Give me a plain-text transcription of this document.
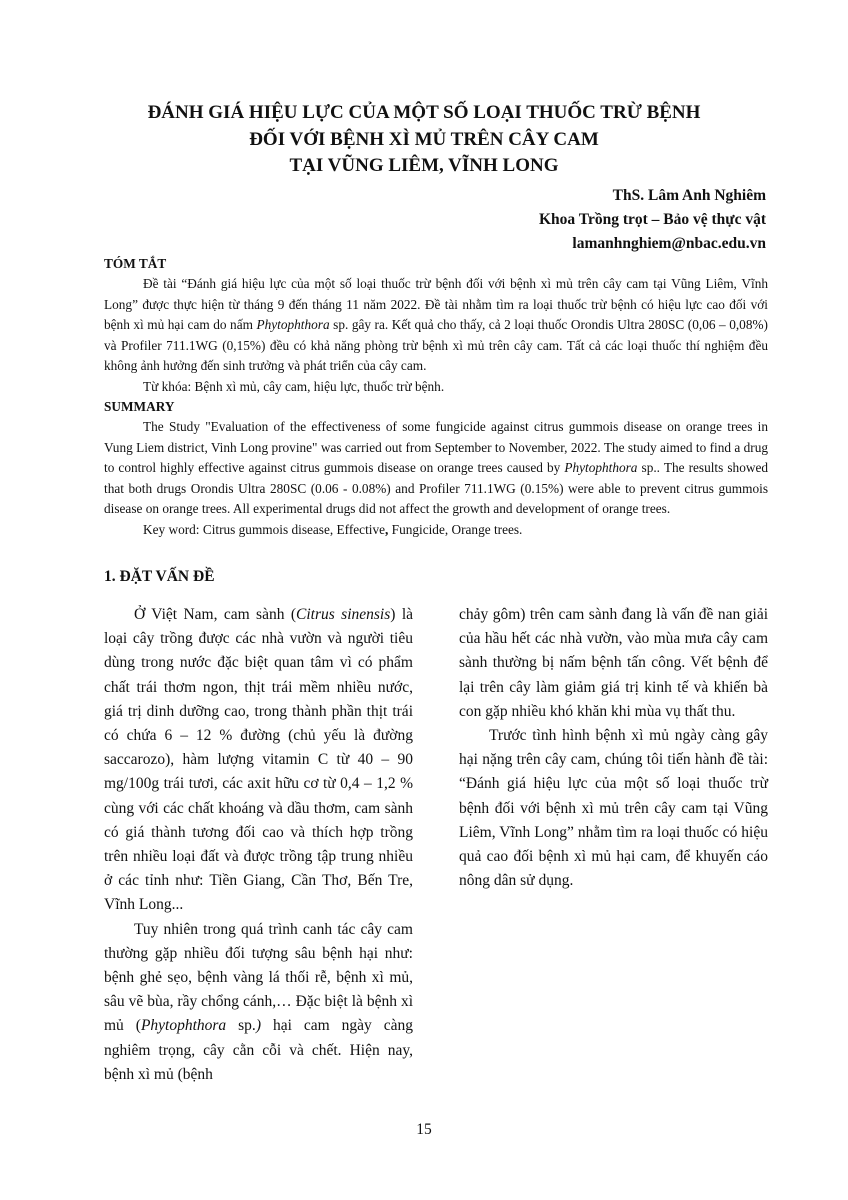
ĐÁNH GIÁ HIỆU LỰC CỦA MỘT SỐ LOẠI THUỐC TRỪ BỆNH
ĐỐI VỚI BỆNH XÌ MỦ TRÊN CÂY CAM
TẠI VŨNG LIÊM, VĨNH LONG
ThS. Lâm Anh Nghiêm
Khoa Trồng trọt – Bảo vệ thực vật
lamanhnghiem@nbac.edu.vn
TÓM TẮT

Đề tài “Đánh giá hiệu lực của một số loại thuốc trừ bệnh đối với bệnh xì mủ trên cây cam tại Vũng Liêm, Vĩnh Long” được thực hiện từ tháng 9 đến tháng 11 năm 2022. Đề tài nhằm tìm ra loại thuốc trừ bệnh có hiệu lực cao đối với bệnh xì mủ hại cam do nấm Phytophthora sp. gây ra. Kết quả cho thấy, cả 2 loại thuốc Orondis Ultra 280SC (0,06 – 0,08%) và Profiler 711.1WG (0,15%) đều có khả năng phòng trừ bệnh xì mủ trên cây cam. Tất cả các loại thuốc thí nghiệm đều không ảnh hưởng đến sinh trưởng và phát triển của cây cam.

Từ khóa: Bệnh xì mủ, cây cam, hiệu lực, thuốc trừ bệnh.

SUMMARY

The Study "Evaluation of the effectiveness of some fungicide against citrus gummois disease on orange trees in Vung Liem district, Vinh Long provine" was carried out from September to November, 2022. The study aimed to find a drug to control highly effective against citrus gummois disease on orange trees caused by Phytophthora sp.. The results showed that both drugs Orondis Ultra 280SC (0.06 - 0.08%) and Profiler 711.1WG (0.15%) were able to prevent citrus gummois disease on orange trees. All experimental drugs did not affect the growth and development of orange trees.

Key word: Citrus gummois disease, Effective, Fungicide, Orange trees.

1. ĐẶT VẤN ĐỀ

Ở Việt Nam, cam sành (Citrus sinensis) là loại cây trồng được các nhà vườn và người tiêu dùng trong nước đặc biệt quan tâm vì có phẩm chất trái thơm ngon, thịt trái mềm nhiều nước, giá trị dinh dưỡng cao, trong thành phần thịt trái có chứa 6 – 12 % đường (chủ yếu là đường saccarozo), hàm lượng vitamin C từ 40 – 90 mg/100g trái tươi, các axit hữu cơ từ 0,4 – 1,2 % cùng với các chất khoáng và dầu thơm, cam sành có giá thành tương đối cao và thích hợp trồng trên nhiều loại đất và được trồng tập trung nhiều ở các tỉnh như: Tiền Giang, Cần Thơ, Bến Tre, Vĩnh Long...

Tuy nhiên trong quá trình canh tác cây cam thường gặp nhiều đối tượng sâu bệnh hại như: bệnh ghẻ sẹo, bệnh vàng lá thối rễ, bệnh xì mủ, sâu vẽ bùa, rầy chổng cánh,… Đặc biệt là bệnh xì mủ (Phytophthora sp.) hại cam ngày càng nghiêm trọng, cây cằn cỗi và chết. Hiện nay, bệnh xì mủ (bệnh

chảy gôm) trên cam sành đang là vấn đề nan giải của hầu hết các nhà vườn, vào mùa mưa cây cam sành thường bị nấm bệnh tấn công. Vết bệnh để lại trên cây làm giảm giá trị kinh tế và khiến bà con gặp nhiều khó khăn khi mùa vụ thất thu.

Trước tình hình bệnh xì mủ ngày càng gây hại nặng trên cây cam, chúng tôi tiến hành đề tài: “Đánh giá hiệu lực của một số loại thuốc trừ bệnh đối với bệnh xì mủ trên cây cam tại Vũng Liêm, Vĩnh Long” nhằm tìm ra loại thuốc có hiệu quả cao đối bệnh xì mủ hại cam, để khuyến cáo nông dân sử dụng.

15
